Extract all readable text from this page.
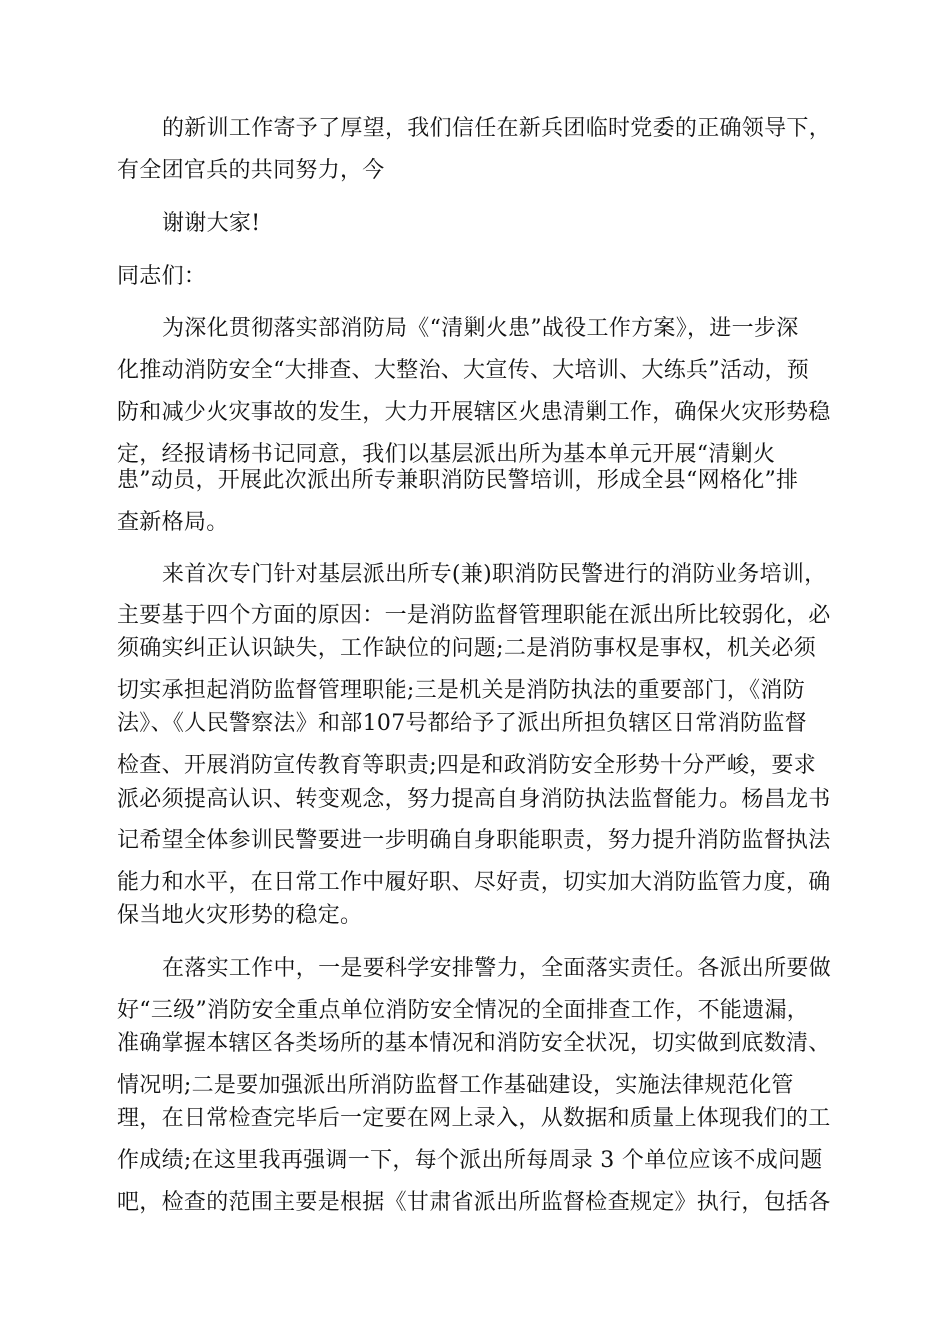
的新训工作寄予了厚望，我们信任在新兵团临时党委的正确领导下，
有全团官兵的共同努力，今
谢谢大家!
同志们：
为深化贯彻落实部消防局《“清剿火患”战役工作方案》，进一步深
化推动消防安全“大排查、大整治、大宣传、大培训、大练兵”活动，预
防和减少火灾事故的发生，大力开展辖区火患清剿工作，确保火灾形势稳
定，经报请杨书记同意，我们以基层派出所为基本单元开展“清剿火
患”动员，开展此次派出所专兼职消防民警培训，形成全县“网格化”排
查新格局。
来首次专门针对基层派出所专(兼)职消防民警进行的消防业务培训，
主要基于四个方面的原因：一是消防监督管理职能在派出所比较弱化，必
须确实纠正认识缺失，工作缺位的问题;二是消防事权是事权，机关必须
切实承担起消防监督管理职能;三是机关是消防执法的重要部门，《消防
法》、《人民警察法》和部107号都给予了派出所担负辖区日常消防监督
检查、开展消防宣传教育等职责;四是和政消防安全形势十分严峻，要求
派必须提高认识、转变观念，努力提高自身消防执法监督能力。杨昌龙书
记希望全体参训民警要进一步明确自身职能职责，努力提升消防监督执法
能力和水平，在日常工作中履好职、尽好责，切实加大消防监管力度，确
保当地火灾形势的稳定。
在落实工作中，一是要科学安排警力，全面落实责任。各派出所要做
好“三级”消防安全重点单位消防安全情况的全面排查工作，不能遗漏，
准确掌握本辖区各类场所的基本情况和消防安全状况，切实做到底数清、
情况明;二是要加强派出所消防监督工作基础建设，实施法律规范化管
理，在日常检查完毕后一定要在网上录入，从数据和质量上体现我们的工
作成绩;在这里我再强调一下，每个派出所每周录 3 个单位应该不成问题
吧，检查的范围主要是根据《甘肃省派出所监督检查规定》执行，包括各
